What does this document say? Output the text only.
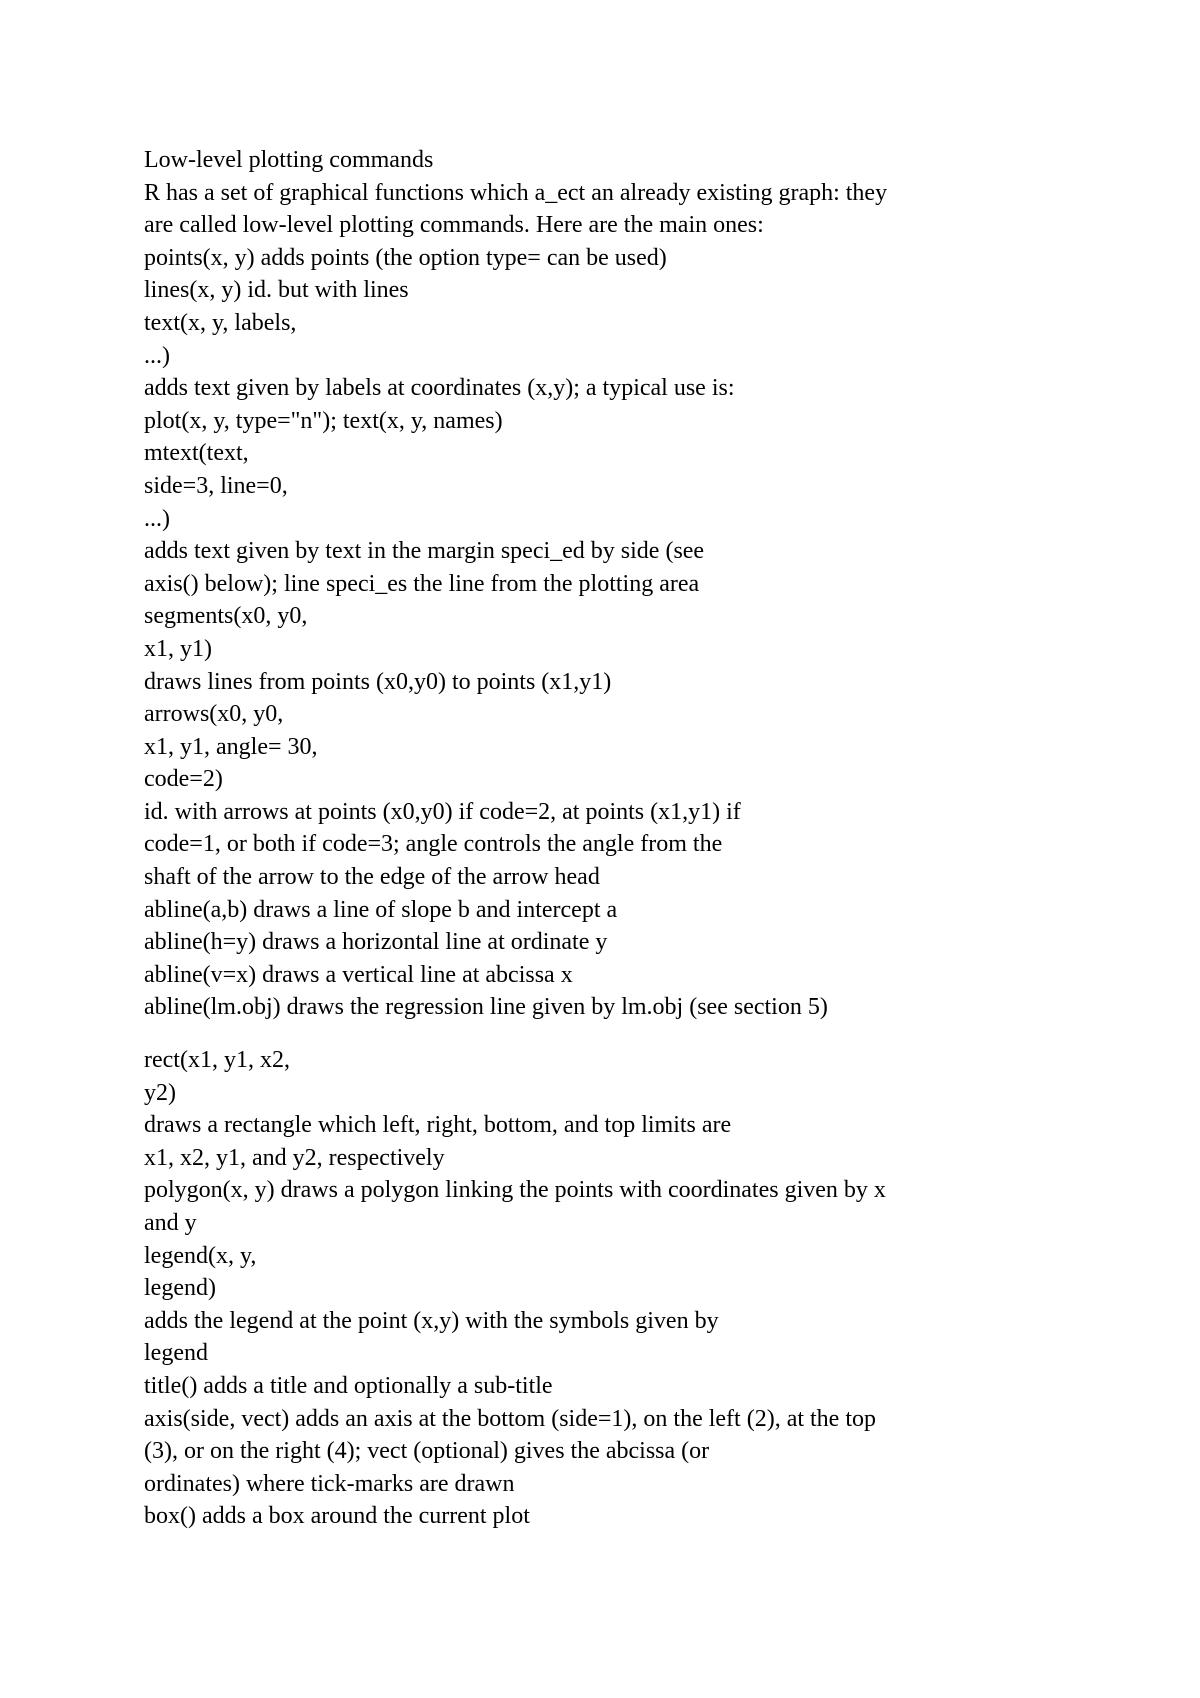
Low-level plotting commands
R has a set of graphical functions which a_ect an already existing graph: they
are called low-level plotting commands. Here are the main ones:
points(x, y) adds points (the option type= can be used)
lines(x, y) id. but with lines
text(x, y, labels,
...)
adds text given by labels at coordinates (x,y); a typical use is:
plot(x, y, type="n"); text(x, y, names)
mtext(text,
side=3, line=0,
...)
adds text given by text in the margin speci_ed by side (see
axis() below); line speci_es the line from the plotting area
segments(x0, y0,
x1, y1)
draws lines from points (x0,y0) to points (x1,y1)
arrows(x0, y0,
x1, y1, angle= 30,
code=2)
id. with arrows at points (x0,y0) if code=2, at points (x1,y1) if
code=1, or both if code=3; angle controls the angle from the
shaft of the arrow to the edge of the arrow head
abline(a,b) draws a line of slope b and intercept a
abline(h=y) draws a horizontal line at ordinate y
abline(v=x) draws a vertical line at abcissa x
abline(lm.obj) draws the regression line given by lm.obj (see section 5)
rect(x1, y1, x2,
y2)
draws a rectangle which left, right, bottom, and top limits are
x1, x2, y1, and y2, respectively
polygon(x, y) draws a polygon linking the points with coordinates given by x
and y
legend(x, y,
legend)
adds the legend at the point (x,y) with the symbols given by
legend
title() adds a title and optionally a sub-title
axis(side, vect) adds an axis at the bottom (side=1), on the left (2), at the top
(3), or on the right (4); vect (optional) gives the abcissa (or
ordinates) where tick-marks are drawn
box() adds a box around the current plot
